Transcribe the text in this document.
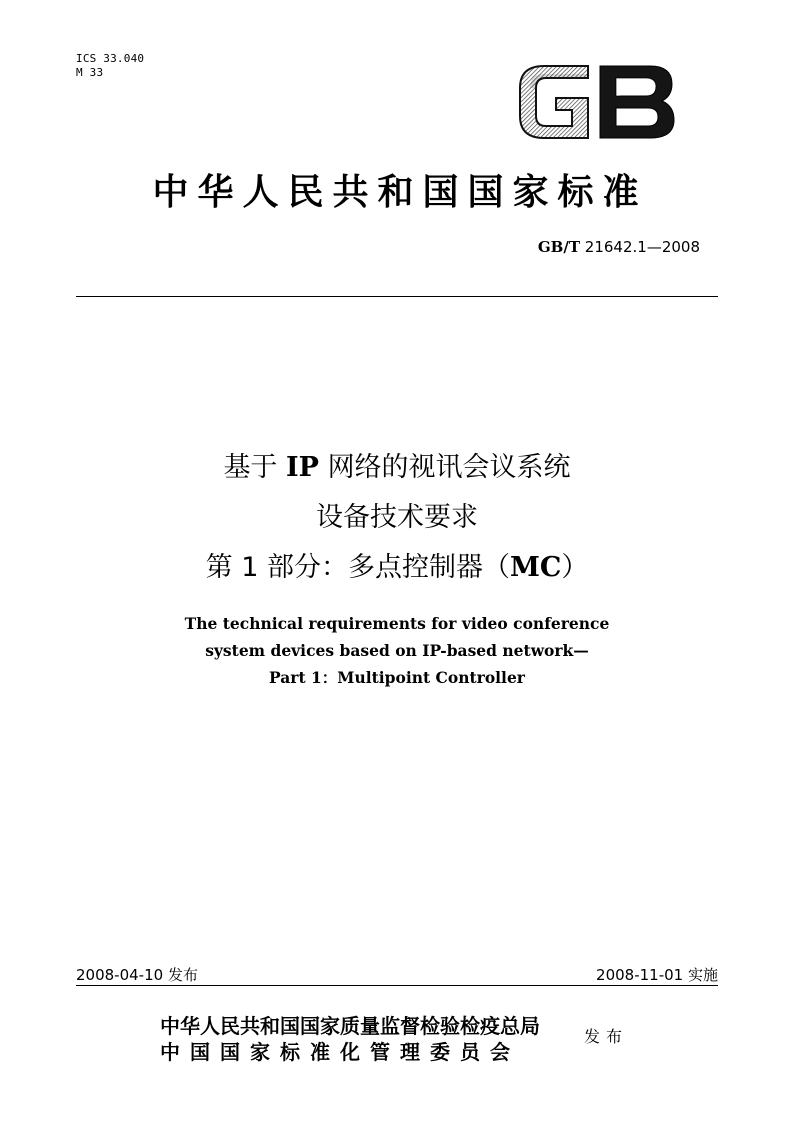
ICS 33.040
M 33
中华人民共和国国家标准
GB/T 21642.1—2008
基于 IP 网络的视讯会议系统
设备技术要求
第 1 部分：多点控制器（MC）
The technical requirements for video conference
system devices based on IP-based network—
Part 1：Multipoint Controller
2008-04-10 发布	2008-11-01 实施
中华人民共和国国家质量监督检验检疫总局
中国国家标准化管理委员会
发布
